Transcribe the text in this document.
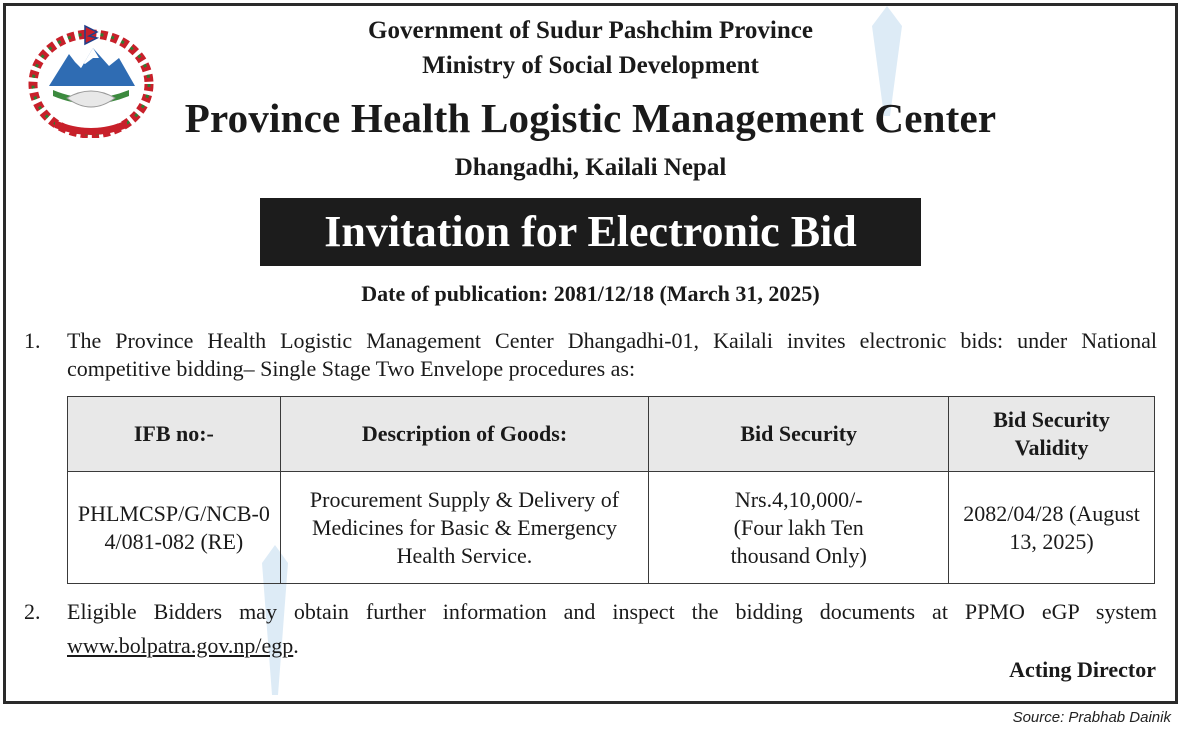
Government of Sudur Pashchim Province
Ministry of Social Development
Province Health Logistic Management Center
Dhangadhi, Kailali Nepal
Invitation for Electronic Bid
Date of publication: 2081/12/18 (March 31, 2025)
1. The Province Health Logistic Management Center Dhangadhi-01, Kailali invites electronic bids: under National competitive bidding– Single Stage Two Envelope procedures as:
IFB no:-	Description of Goods:	Bid Security	Bid Security Validity
PHLMCSP/G/NCB-04/081-082 (RE)	Procurement Supply & Delivery of Medicines for Basic & Emergency Health Service.	Nrs.4,10,000/- (Four lakh Ten thousand Only)	2082/04/28 (August 13, 2025)
2. Eligible Bidders may obtain further information and inspect the bidding documents at PPMO eGP system www.bolpatra.gov.np/egp.
Acting Director
Source: Prabhab Dainik
